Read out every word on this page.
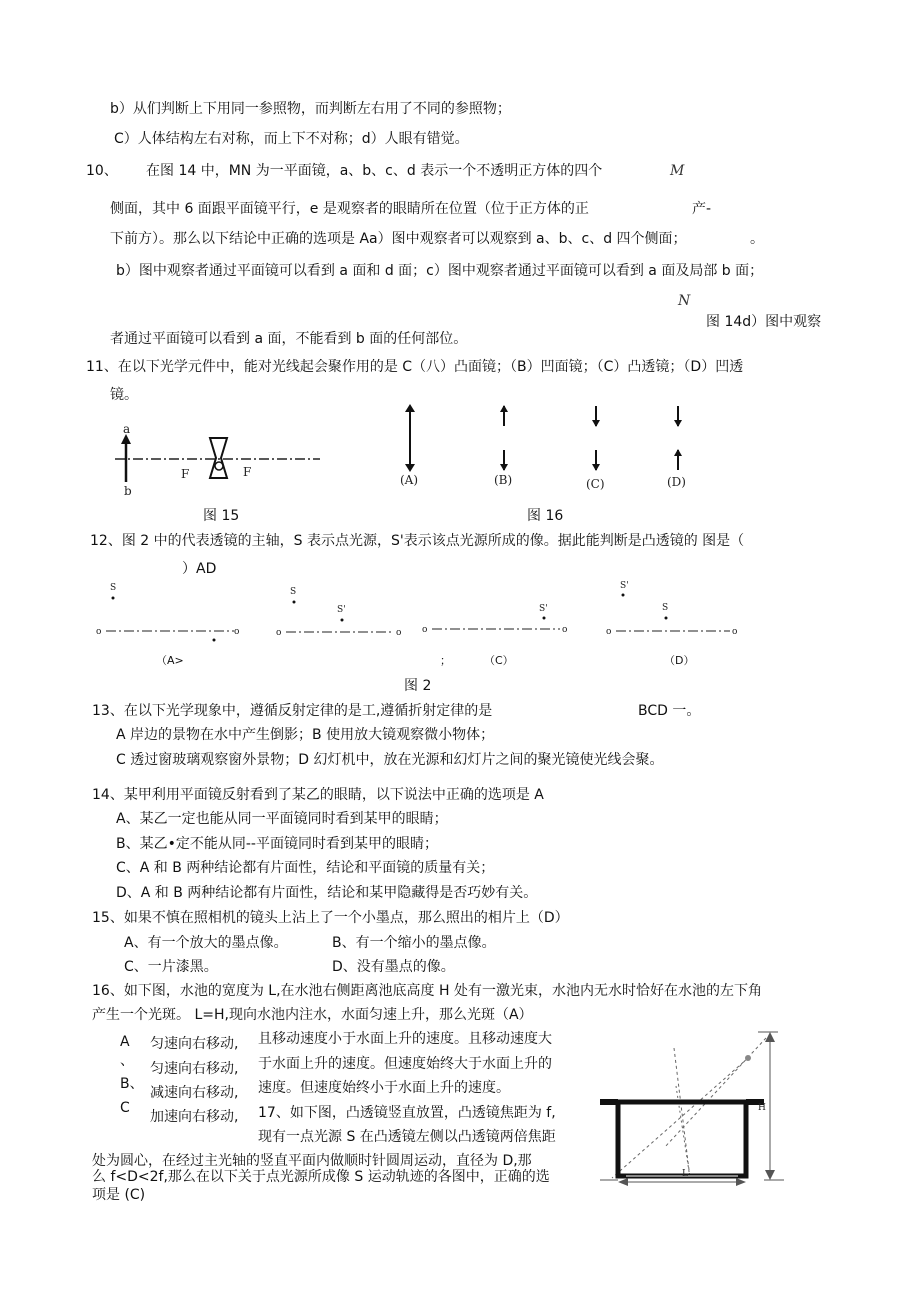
b）从们判断上下用同一参照物，而判断左右用了不同的参照物；
C）人体结构左右对称，而上下不对称；d）人眼有错觉。
10、 在图 14 中，MN 为一平面镜，a、b、c、d 表示一个不透明正方体的四个	M
侧面，其中 6 面跟平面镜平行，e 是观察者的眼睛所在位置（位于正方体的正	产-
下前方）。那么以下结论中正确的选项是 Aa）图中观察者可以观察到 a、b、c、d 四个侧面；	。
b）图中观察者通过平面镜可以看到 a 面和 d 面；c）图中观察者通过平面镜可以看到 a 面及局部 b 面；
N
图 14d）图中观察
者通过平面镜可以看到 a 面，不能看到 b 面的任何部位。
11、在以下光学元件中，能对光线起会聚作用的是 C（八）凸面镜；（B）凹面镜；（C）凸透镜；（D）凹透
镜。
a
b
F	F
图 15
(A)	(B)	(C)	(D)
图 16
12、图 2 中的代表透镜的主轴，S 表示点光源，S'表示该点光源所成的像。据此能判断是凸透镜的 图是（
）AD
S
o	o
S
S'
o	o
S'
o	o
S'
S
o	o
（A>	；	（C）	（D）
图 2
13、在以下光学现象中，遵循反射定律的是工,遵循折射定律的是	BCD 一。
A 岸边的景物在水中产生倒影；B 使用放大镜观察微小物体；
C 透过窗玻璃观察窗外景物；D 幻灯机中，放在光源和幻灯片之间的聚光镜使光线会聚。
14、某甲利用平面镜反射看到了某乙的眼睛，以下说法中正确的选项是 A
A、某乙一定也能从同一平面镜同时看到某甲的眼睛；
B、某乙•定不能从同--平面镜同时看到某甲的眼睛；
C、A 和 B 两种结论都有片面性，结论和平面镜的质量有关；
D、A 和 B 两种结论都有片面性，结论和某甲隐藏得是否巧妙有关。
15、如果不慎在照相机的镜头上沾上了一个小墨点，那么照出的相片上（D）
A、有一个放大的墨点像。	B、有一个缩小的墨点像。
C、一片漆黑。	D、没有墨点的像。
16、如下图，水池的宽度为 L,在水池右侧距离池底高度 H 处有一激光束，水池内无水时恰好在水池的左下角
产生一个光斑。 L=H,现向水池内注水，水面匀速上升，那么光斑（A）
A
、
B、
C
匀速向右移动, 且移动速度小于水面上升的速度。且移动速度大
匀速向右移动, 于水面上升的速度。但速度始终大于水面上升的
减速向右移动, 速度。但速度始终小于水面上升的速度。
加速向右移动, 17、如下图，凸透镜竖直放置，凸透镜焦距为 f,
现有一点光源 S 在凸透镜左侧以凸透镜两倍焦距
处为圆心，在经过主光轴的竖直平面内做顺时针圆周运动，直径为 D,那
么 f<D<2f,那么在以下关于点光源所成像 S 运动轨迹的各图中，正确的选
项是 (C)
H
L
